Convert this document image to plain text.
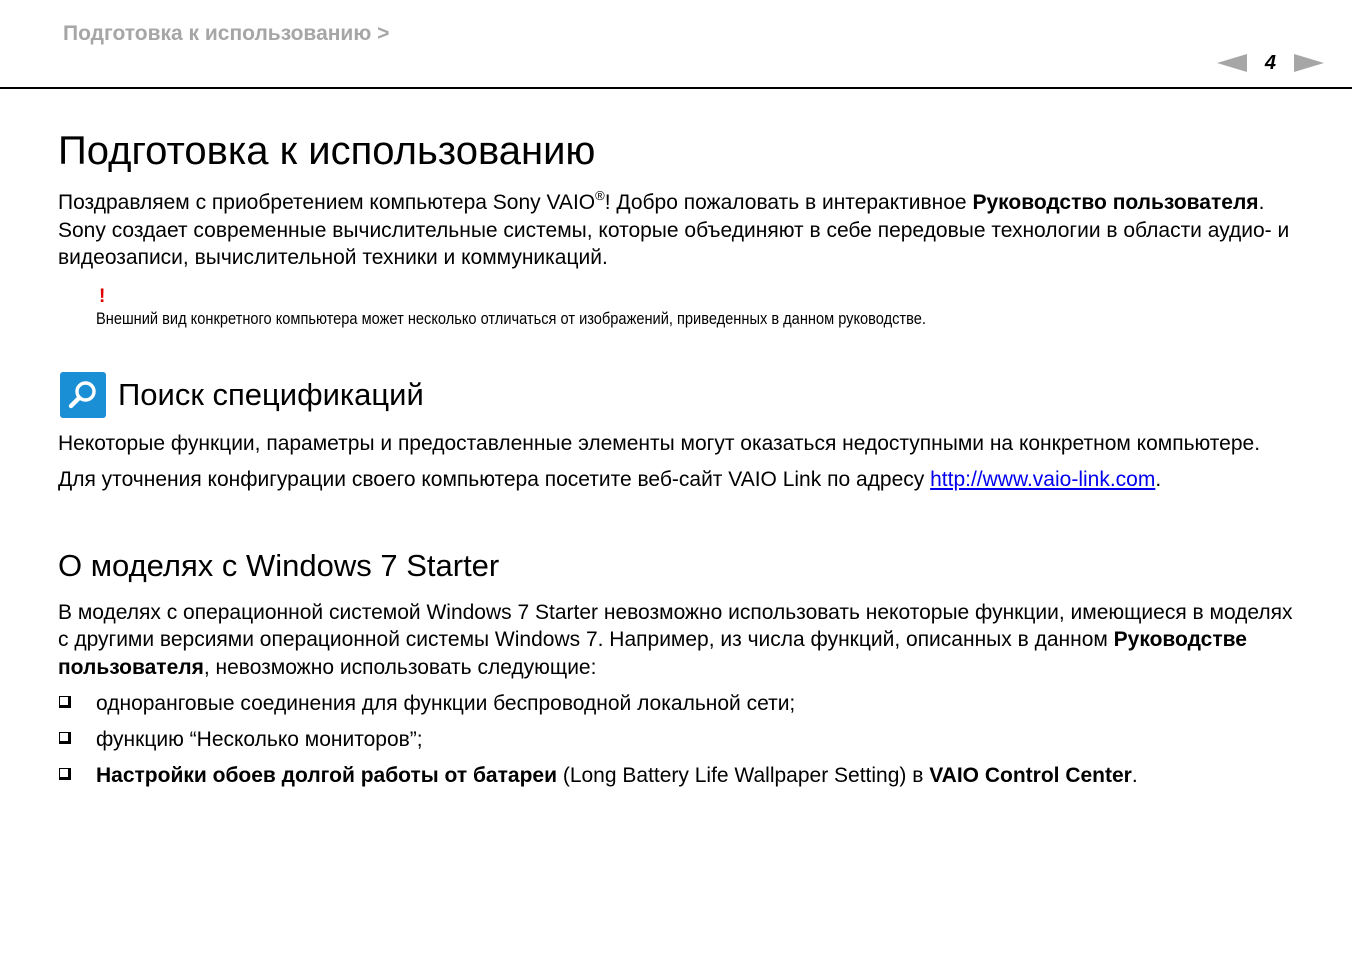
Подготовка к использованию >
4
Подготовка к использованию

Поздравляем с приобретением компьютера Sony VAIO®! Добро пожаловать в интерактивное Руководство пользователя. Sony создает современные вычислительные системы, которые объединяют в себе передовые технологии в области аудио- и видеозаписи, вычислительной техники и коммуникаций.

!
Внешний вид конкретного компьютера может несколько отличаться от изображений, приведенных в данном руководстве.
Поиск спецификаций

Некоторые функции, параметры и предоставленные элементы могут оказаться недоступными на конкретном компьютере.

Для уточнения конфигурации своего компьютера посетите веб-сайт VAIO Link по адресу http://www.vaio-link.com.

О моделях с Windows 7 Starter

В моделях с операционной системой Windows 7 Starter невозможно использовать некоторые функции, имеющиеся в моделях с другими версиями операционной системы Windows 7. Например, из числа функций, описанных в данном Руководстве пользователя, невозможно использовать следующие:

одноранговые соединения для функции беспроводной локальной сети;
функцию “Несколько мониторов”;
Настройки обоев долгой работы от батареи (Long Battery Life Wallpaper Setting) в VAIO Control Center.
